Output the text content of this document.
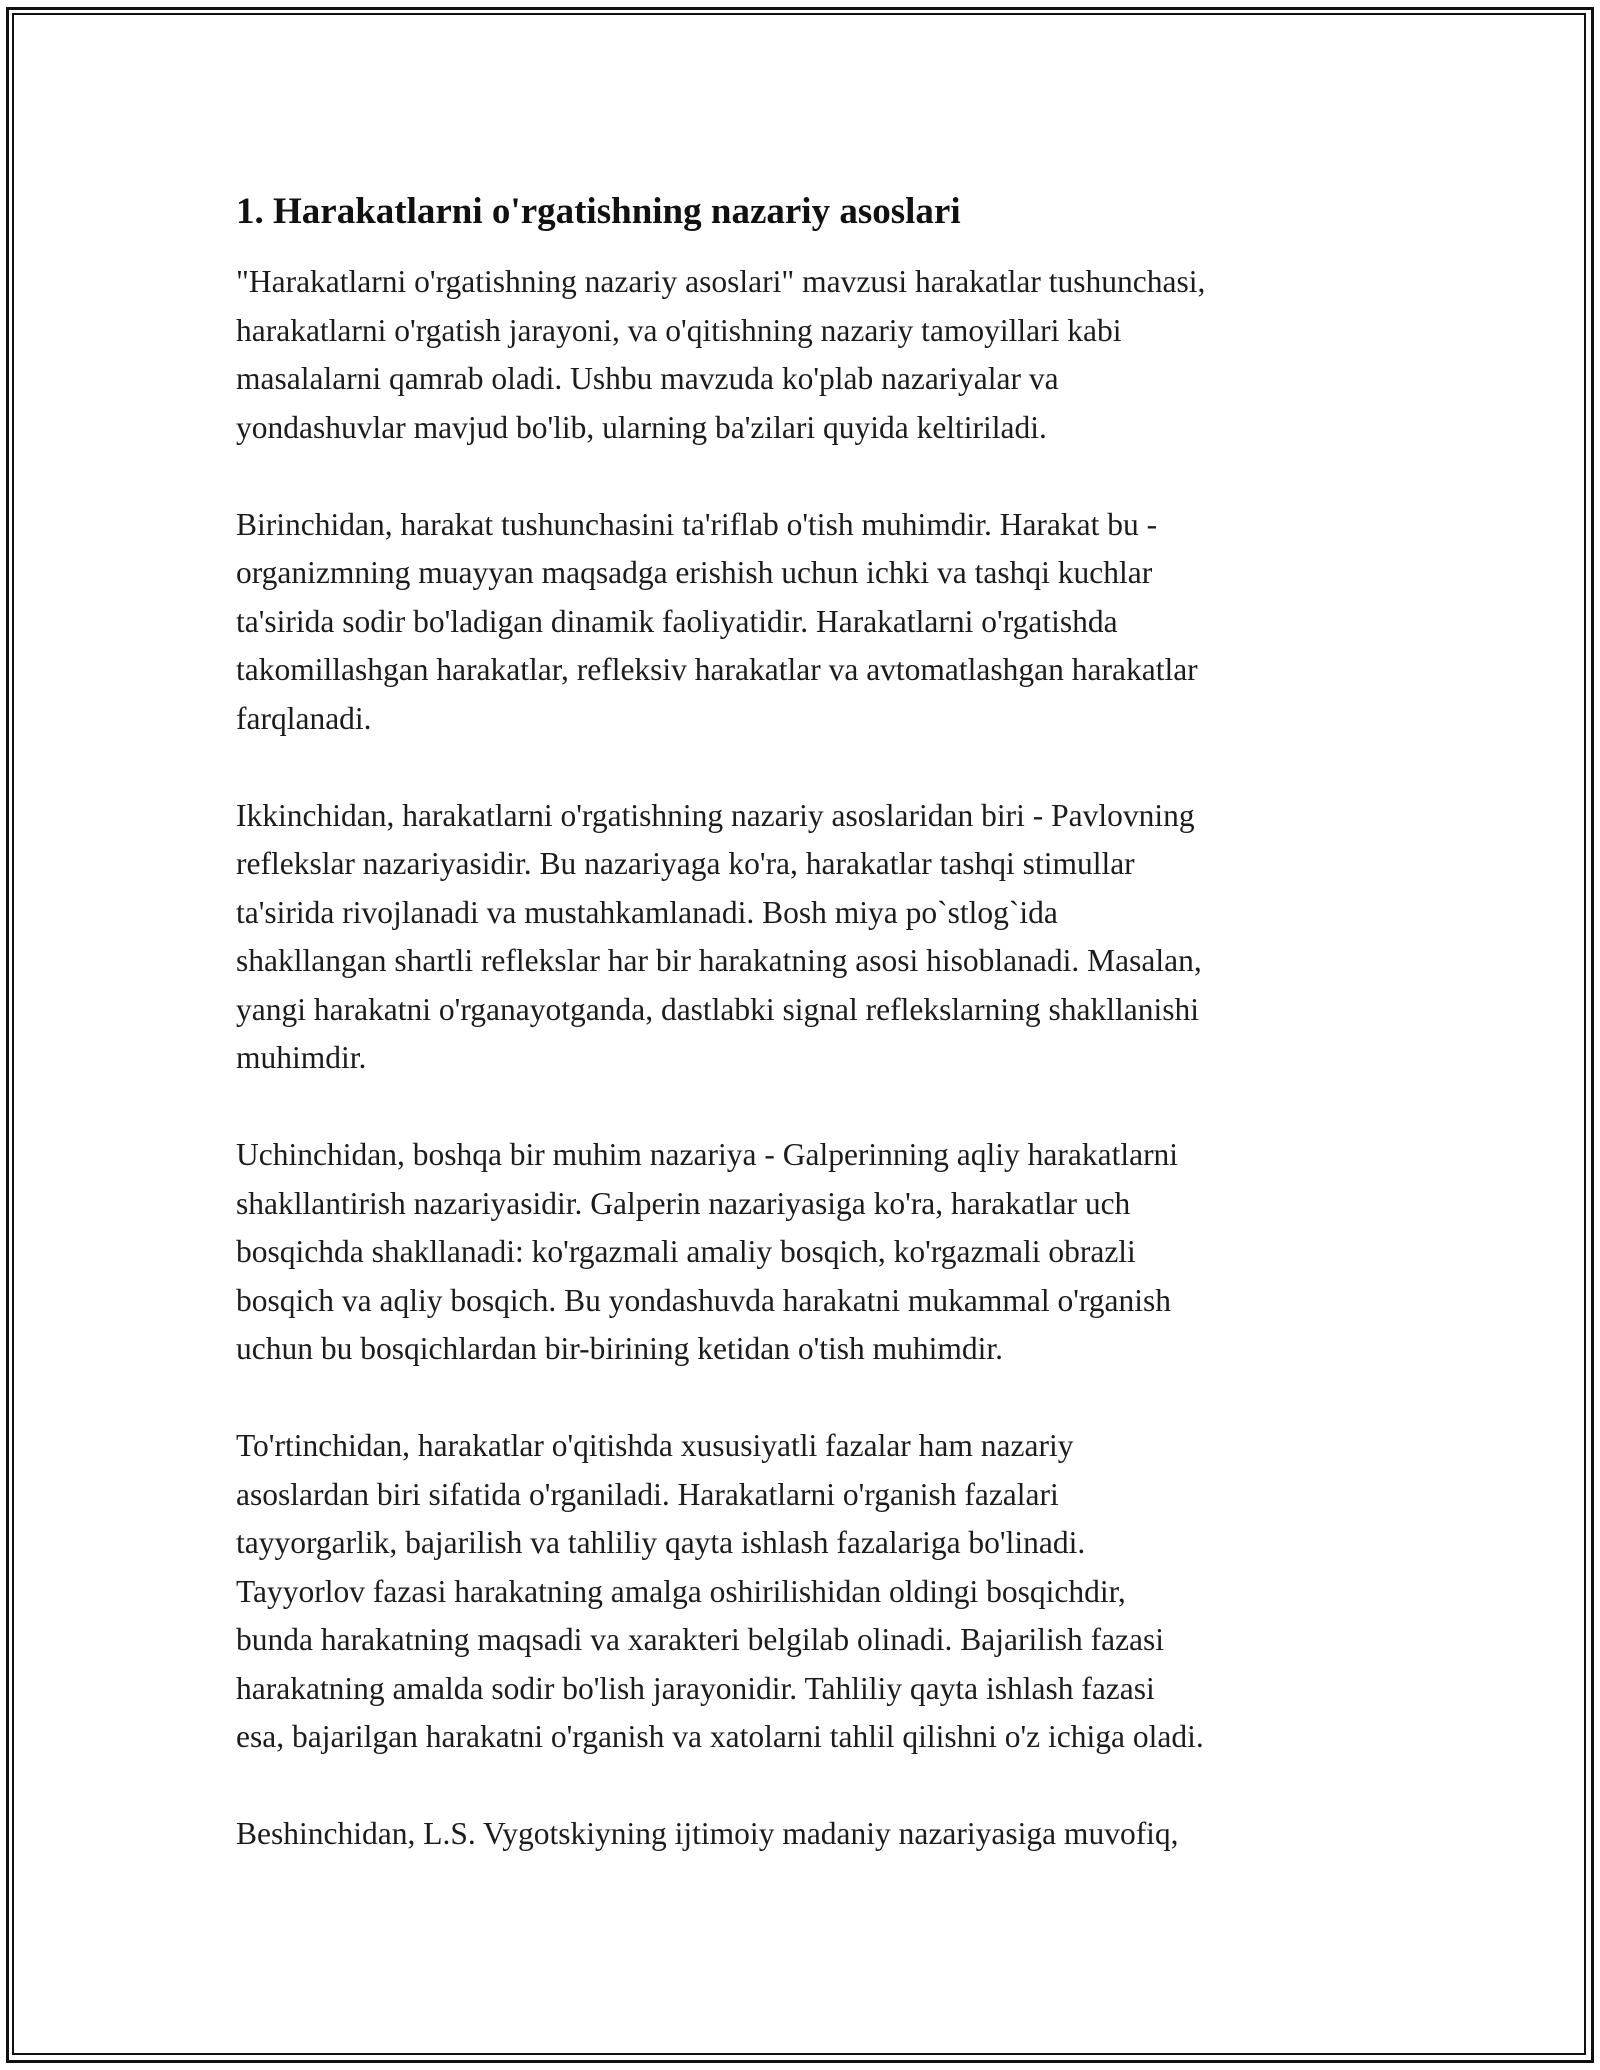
1. Harakatlarni o'rgatishning nazariy asoslari

"Harakatlarni o'rgatishning nazariy asoslari" mavzusi harakatlar tushunchasi,
harakatlarni o'rgatish jarayoni, va o'qitishning nazariy tamoyillari kabi
masalalarni qamrab oladi. Ushbu mavzuda ko'plab nazariyalar va
yondashuvlar mavjud bo'lib, ularning ba'zilari quyida keltiriladi.

Birinchidan, harakat tushunchasini ta'riflab o'tish muhimdir. Harakat bu -
organizmning muayyan maqsadga erishish uchun ichki va tashqi kuchlar
ta'sirida sodir bo'ladigan dinamik faoliyatidir. Harakatlarni o'rgatishda
takomillashgan harakatlar, refleksiv harakatlar va avtomatlashgan harakatlar
farqlanadi.

Ikkinchidan, harakatlarni o'rgatishning nazariy asoslaridan biri - Pavlovning
reflekslar nazariyasidir. Bu nazariyaga ko'ra, harakatlar tashqi stimullar
ta'sirida rivojlanadi va mustahkamlanadi. Bosh miya po`stlog`ida
shakllangan shartli reflekslar har bir harakatning asosi hisoblanadi. Masalan,
yangi harakatni o'rganayotganda, dastlabki signal reflekslarning shakllanishi
muhimdir.

Uchinchidan, boshqa bir muhim nazariya - Galperinning aqliy harakatlarni
shakllantirish nazariyasidir. Galperin nazariyasiga ko'ra, harakatlar uch
bosqichda shakllanadi: ko'rgazmali amaliy bosqich, ko'rgazmali obrazli
bosqich va aqliy bosqich. Bu yondashuvda harakatni mukammal o'rganish
uchun bu bosqichlardan bir-birining ketidan o'tish muhimdir.

To'rtinchidan, harakatlar o'qitishda xususiyatli fazalar ham nazariy
asoslardan biri sifatida o'rganiladi. Harakatlarni o'rganish fazalari
tayyorgarlik, bajarilish va tahliliy qayta ishlash fazalariga bo'linadi.
Tayyorlov fazasi harakatning amalga oshirilishidan oldingi bosqichdir,
bunda harakatning maqsadi va xarakteri belgilab olinadi. Bajarilish fazasi
harakatning amalda sodir bo'lish jarayonidir. Tahliliy qayta ishlash fazasi
esa, bajarilgan harakatni o'rganish va xatolarni tahlil qilishni o'z ichiga oladi.

Beshinchidan, L.S. Vygotskiyning ijtimoiy madaniy nazariyasiga muvofiq,
